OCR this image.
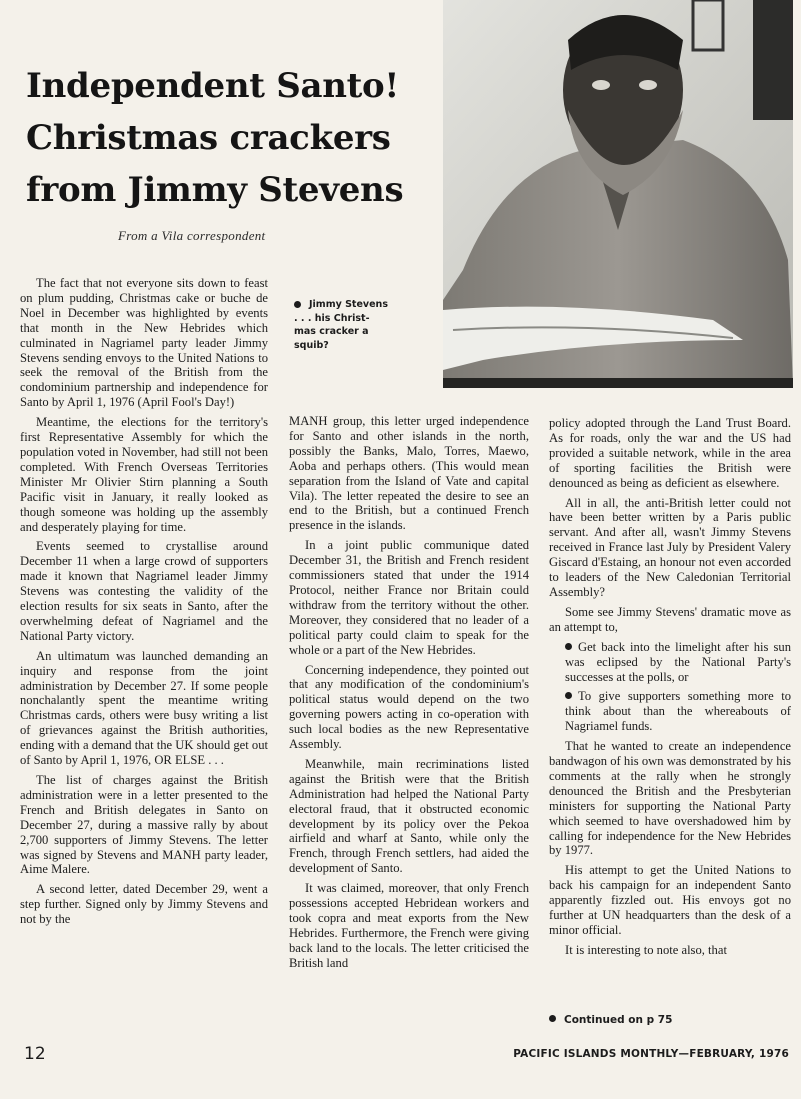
Independent Santo! Christmas crackers from Jimmy Stevens

From a Vila correspondent

Jimmy Stevens
. . . his Christ-
mas cracker a
squib?

The fact that not everyone sits down to feast on plum pudding, Christmas cake or buche de Noel in December was highlighted by events that month in the New Hebrides which culminated in Nagriamel party leader Jimmy Stevens sending envoys to the United Nations to seek the removal of the British from the condominium partnership and independence for Santo by April 1, 1976 (April Fool's Day!)

Meantime, the elections for the territory's first Representative Assembly for which the population voted in November, had still not been completed. With French Overseas Territories Minister Mr Olivier Stirn planning a South Pacific visit in January, it really looked as though someone was holding up the assembly and desperately playing for time.

Events seemed to crystallise around December 11 when a large crowd of supporters made it known that Nagriamel leader Jimmy Stevens was contesting the validity of the election results for six seats in Santo, after the overwhelming defeat of Nagriamel and the National Party victory.

An ultimatum was launched demanding an inquiry and response from the joint administration by December 27. If some people nonchalantly spent the meantime writing Christmas cards, others were busy writing a list of grievances against the British authorities, ending with a demand that the UK should get out of Santo by April 1, 1976, OR ELSE . . .

The list of charges against the British administration were in a letter presented to the French and British delegates in Santo on December 27, during a massive rally by about 2,700 supporters of Jimmy Stevens. The letter was signed by Stevens and MANH party leader, Aime Malere.

A second letter, dated December 29, went a step further. Signed only by Jimmy Stevens and not by the

MANH group, this letter urged independence for Santo and other islands in the north, possibly the Banks, Malo, Torres, Maewo, Aoba and perhaps others. (This would mean separation from the Island of Vate and capital Vila). The letter repeated the desire to see an end to the British, but a continued French presence in the islands.

In a joint public communique dated December 31, the British and French resident commissioners stated that under the 1914 Protocol, neither France nor Britain could withdraw from the territory without the other. Moreover, they considered that no leader of a political party could claim to speak for the whole or a part of the New Hebrides.

Concerning independence, they pointed out that any modification of the condominium's political status would depend on the two governing powers acting in co-operation with such local bodies as the new Representative Assembly.

Meanwhile, main recriminations listed against the British were that the British Administration had helped the National Party electoral fraud, that it obstructed economic development by its policy over the Pekoa airfield and wharf at Santo, while only the French, through French settlers, had aided the development of Santo.

It was claimed, moreover, that only French possessions accepted Hebridean workers and took copra and meat exports from the New Hebrides. Furthermore, the French were giving back land to the locals. The letter criticised the British land

policy adopted through the Land Trust Board. As for roads, only the war and the US had provided a suitable network, while in the area of sporting facilities the British were denounced as being as deficient as elsewhere.

All in all, the anti-British letter could not have been better written by a Paris public servant. And after all, wasn't Jimmy Stevens received in France last July by President Valery Giscard d'Estaing, an honour not even accorded to leaders of the New Caledonian Territorial Assembly?

Some see Jimmy Stevens' dramatic move as an attempt to,

Get back into the limelight after his sun was eclipsed by the National Party's successes at the polls, or

To give supporters something more to think about than the whereabouts of Nagriamel funds.

That he wanted to create an independence bandwagon of his own was demonstrated by his comments at the rally when he strongly denounced the British and the Presbyterian ministers for supporting the National Party which seemed to have overshadowed him by calling for independence for the New Hebrides by 1977.

His attempt to get the United Nations to back his campaign for an independent Santo apparently fizzled out. His envoys got no further at UN headquarters than the desk of a minor official.

It is interesting to note also, that

Continued on p 75
12	PACIFIC ISLANDS MONTHLY—FEBRUARY, 1976
